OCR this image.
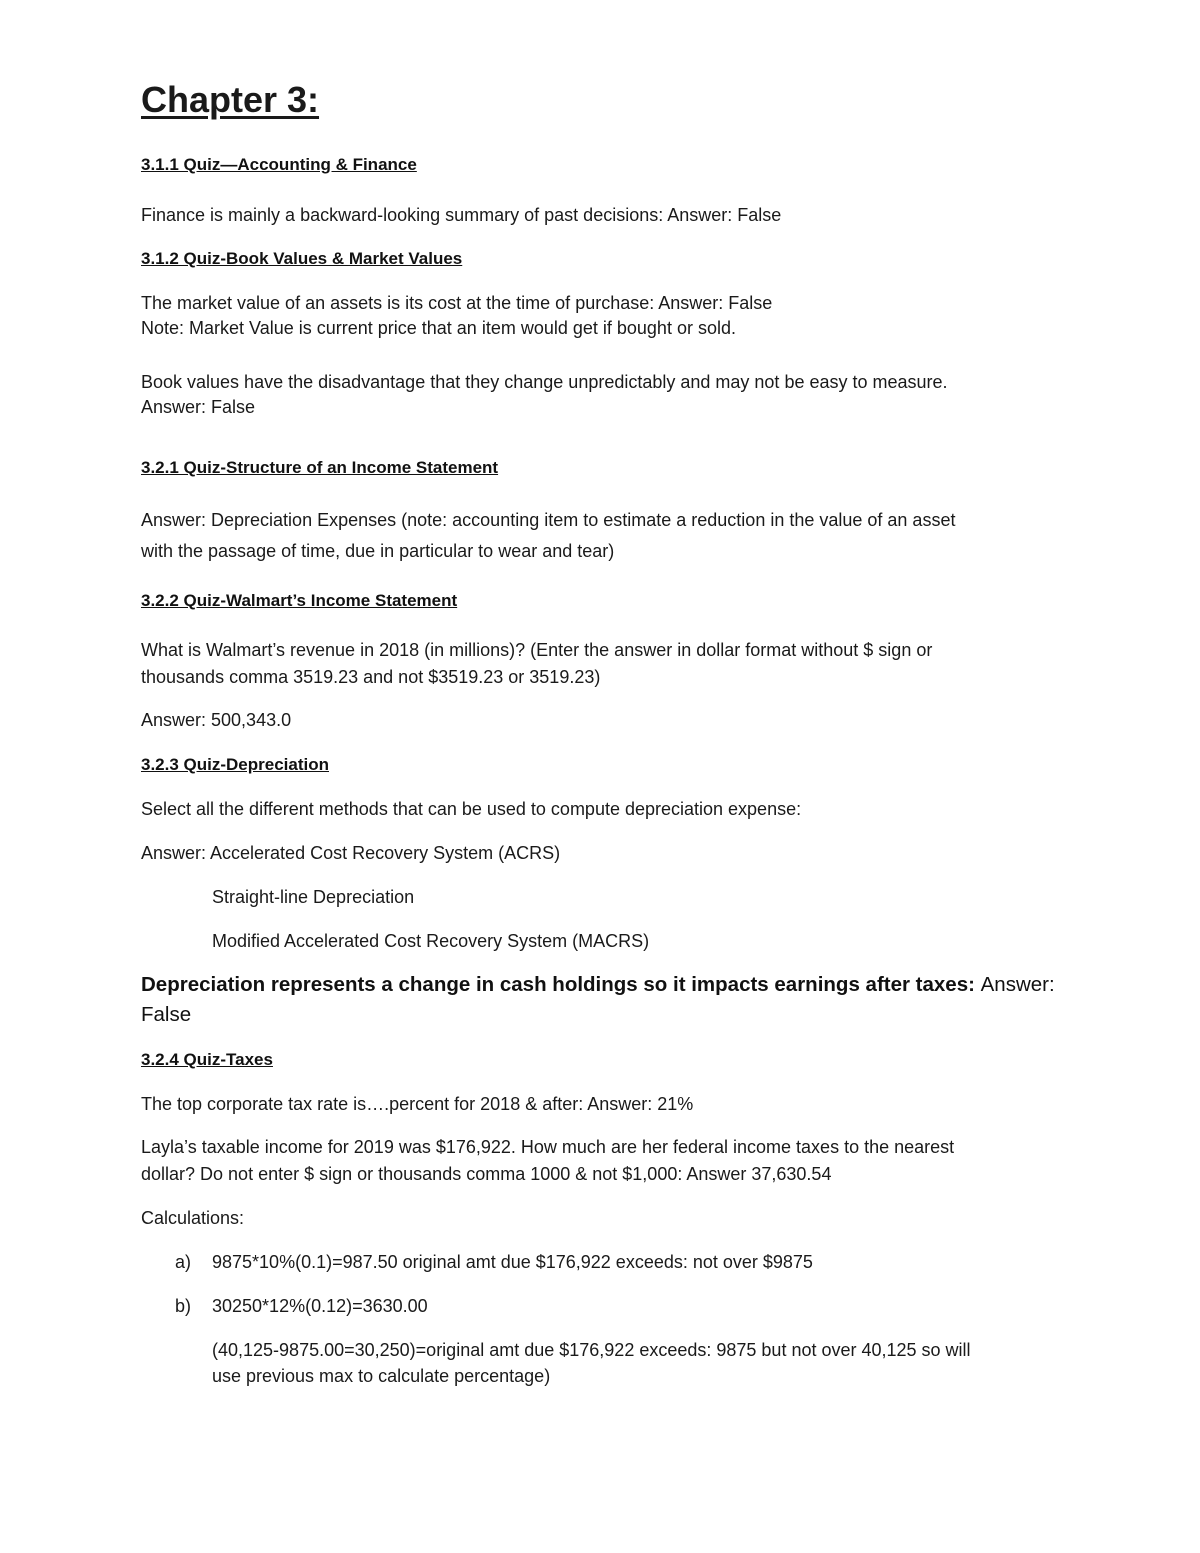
Chapter 3:

3.1.1 Quiz—Accounting & Finance

Finance is mainly a backward-looking summary of past decisions: Answer: False

3.1.2 Quiz-Book Values & Market Values

The market value of an assets is its cost at the time of purchase: Answer: False

Note: Market Value is current price that an item would get if bought or sold.

Book values have the disadvantage that they change unpredictably and may not be easy to measure.

Answer: False

3.2.1 Quiz-Structure of an Income Statement

Answer: Depreciation Expenses (note: accounting item to estimate a reduction in the value of an asset

with the passage of time, due in particular to wear and tear)

3.2.2 Quiz-Walmart’s Income Statement

What is Walmart’s revenue in 2018 (in millions)? (Enter the answer in dollar format without $ sign or

thousands comma 3519.23 and not $3519.23 or 3519.23)

Answer: 500,343.0

3.2.3 Quiz-Depreciation

Select all the different methods that can be used to compute depreciation expense:

Answer: Accelerated Cost Recovery System (ACRS)

Straight-line Depreciation

Modified Accelerated Cost Recovery System (MACRS)

Depreciation represents a change in cash holdings so it impacts earnings after taxes: Answer:

False

3.2.4 Quiz-Taxes

The top corporate tax rate is….percent for 2018 & after: Answer: 21%

Layla’s taxable income for 2019 was $176,922. How much are her federal income taxes to the nearest

dollar? Do not enter $ sign or thousands comma 1000 & not $1,000: Answer 37,630.54

Calculations:

a) 9875*10%(0.1)=987.50 original amt due $176,922 exceeds: not over $9875

b) 30250*12%(0.12)=3630.00

(40,125-9875.00=30,250)=original amt due $176,922 exceeds: 9875 but not over 40,125 so will

use previous max to calculate percentage)
